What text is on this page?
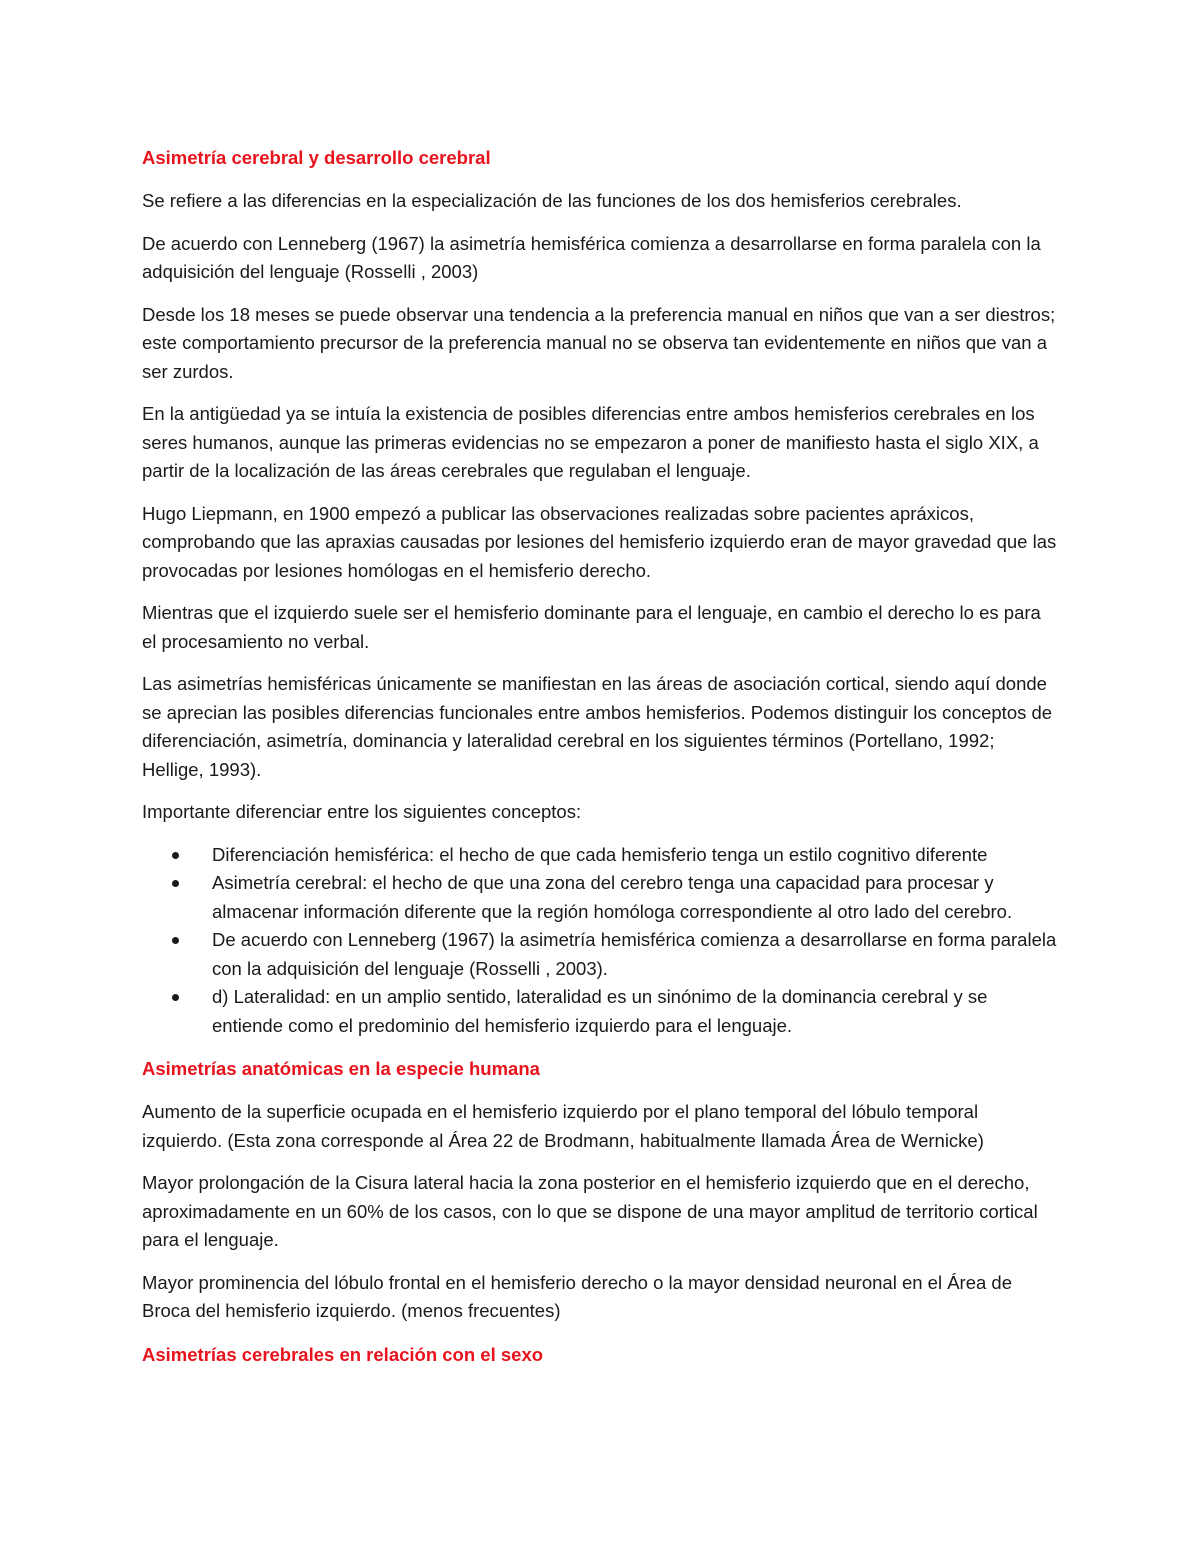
Asimetría cerebral y desarrollo cerebral

Se refiere a las diferencias en la especialización de las funciones de los dos hemisferios cerebrales.

De acuerdo con Lenneberg (1967) la asimetría hemisférica comienza a desarrollarse en forma paralela con la adquisición del lenguaje (Rosselli , 2003)

Desde los 18 meses se puede observar una tendencia a la preferencia manual en niños que van a ser diestros; este comportamiento precursor de la preferencia manual no se observa tan evidentemente en niños que van a ser zurdos.

En la antigüedad ya se intuía la existencia de posibles diferencias entre ambos hemisferios cerebrales en los seres humanos, aunque las primeras evidencias no se empezaron a poner de manifiesto hasta el siglo XIX, a partir de la localización de las áreas cerebrales que regulaban el lenguaje.

Hugo Liepmann, en 1900 empezó a publicar las observaciones realizadas sobre pacientes apráxicos, comprobando que las apraxias causadas por lesiones del hemisferio izquierdo eran de mayor gravedad que las provocadas por lesiones homólogas en el hemisferio derecho.

Mientras que el izquierdo suele ser el hemisferio dominante para el lenguaje, en cambio el derecho lo es para el procesamiento no verbal.

Las asimetrías hemisféricas únicamente se manifiestan en las áreas de asociación cortical, siendo aquí donde se aprecian las posibles diferencias funcionales entre ambos hemisferios. Podemos distinguir los conceptos de diferenciación, asimetría, dominancia y lateralidad cerebral en los siguientes términos (Portellano, 1992; Hellige, 1993).

Importante diferenciar entre los siguientes conceptos:

Diferenciación hemisférica: el hecho de que cada hemisferio tenga un estilo cognitivo diferente
Asimetría cerebral: el hecho de que una zona del cerebro tenga una capacidad para procesar y almacenar información diferente que la región homóloga correspondiente al otro lado del cerebro.
De acuerdo con Lenneberg (1967) la asimetría hemisférica comienza a desarrollarse en forma paralela con la adquisición del lenguaje (Rosselli , 2003).
d) Lateralidad: en un amplio sentido, lateralidad es un sinónimo de la dominancia cerebral y se entiende como el predominio del hemisferio izquierdo para el lenguaje.
Asimetrías anatómicas en la especie humana

Aumento de la superficie ocupada en el hemisferio izquierdo por el plano temporal del lóbulo temporal izquierdo. (Esta zona corresponde al Área 22 de Brodmann, habitualmente llamada Área de Wernicke)

Mayor prolongación de la Cisura lateral hacia la zona posterior en el hemisferio izquierdo que en el derecho, aproximadamente en un 60% de los casos, con lo que se dispone de una mayor amplitud de territorio cortical para el lenguaje.

Mayor prominencia del lóbulo frontal en el hemisferio derecho o la mayor densidad neuronal en el Área de Broca del hemisferio izquierdo. (menos frecuentes)

Asimetrías cerebrales en relación con el sexo
